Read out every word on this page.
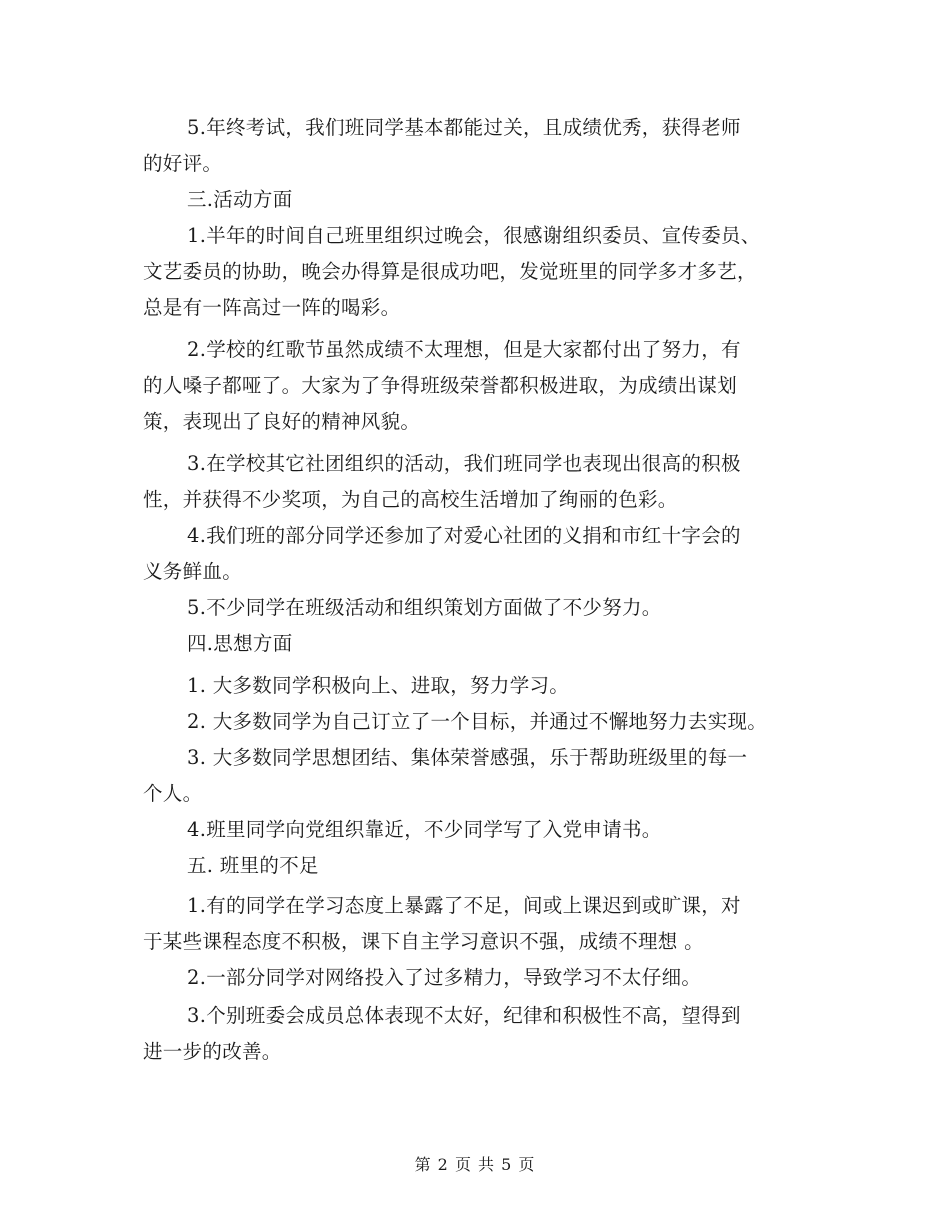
5.年终考试，我们班同学基本都能过关，且成绩优秀，获得老师
的好评。
三.活动方面
1.半年的时间自己班里组织过晚会，很感谢组织委员、宣传委员、
文艺委员的协助，晚会办得算是很成功吧，发觉班里的同学多才多艺，
总是有一阵高过一阵的喝彩。
2.学校的红歌节虽然成绩不太理想，但是大家都付出了努力，有
的人嗓子都哑了。大家为了争得班级荣誉都积极进取，为成绩出谋划
策，表现出了良好的精神风貌。
3.在学校其它社团组织的活动，我们班同学也表现出很高的积极
性，并获得不少奖项，为自己的高校生活增加了绚丽的色彩。
4.我们班的部分同学还参加了对爱心社团的义捐和市红十字会的
义务鲜血。
5.不少同学在班级活动和组织策划方面做了不少努力。
四.思想方面
1. 大多数同学积极向上、进取，努力学习。
2. 大多数同学为自己订立了一个目标，并通过不懈地努力去实现。
3. 大多数同学思想团结、集体荣誉感强，乐于帮助班级里的每一
个人。
4.班里同学向党组织靠近，不少同学写了入党申请书。
五. 班里的不足
1.有的同学在学习态度上暴露了不足，间或上课迟到或旷课，对
于某些课程态度不积极，课下自主学习意识不强，成绩不理想 。
2.一部分同学对网络投入了过多精力，导致学习不太仔细。
3.个别班委会成员总体表现不太好，纪律和积极性不高，望得到
进一步的改善。
第 2 页 共 5 页
